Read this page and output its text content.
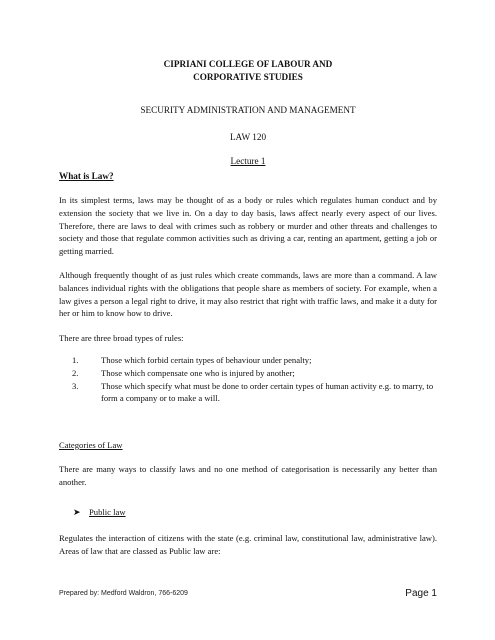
CIPRIANI COLLEGE OF LABOUR AND
CORPORATIVE STUDIES
SECURITY ADMINISTRATION AND MANAGEMENT
LAW 120
Lecture 1
What is Law?

In its simplest terms, laws may be thought of as a body or rules which regulates human conduct and by extension the society that we live in. On a day to day basis, laws affect nearly every aspect of our lives. Therefore, there are laws to deal with crimes such as robbery or murder and other threats and challenges to society and those that regulate common activities such as driving a car, renting an apartment, getting a job or getting married.

Although frequently thought of as just rules which create commands, laws are more than a command. A law balances individual rights with the obligations that people share as members of society. For example, when a law gives a person a legal right to drive, it may also restrict that right with traffic laws, and make it a duty for her or him to know how to drive.

There are three broad types of rules:

1.	Those which forbid certain types of behaviour under penalty;
2.	Those which compensate one who is injured by another;
3.	Those which specify what must be done to order certain types of human activity e.g. to marry, to form a company or to make a will.
Categories of Law

There are many ways to classify laws and no one method of categorisation is necessarily any better than another.

➤ Public law

Regulates the interaction of citizens with the state (e.g. criminal law, constitutional law, administrative law). Areas of law that are classed as Public law are:

Prepared by: Medford Waldron, 766-6209	Page 1
